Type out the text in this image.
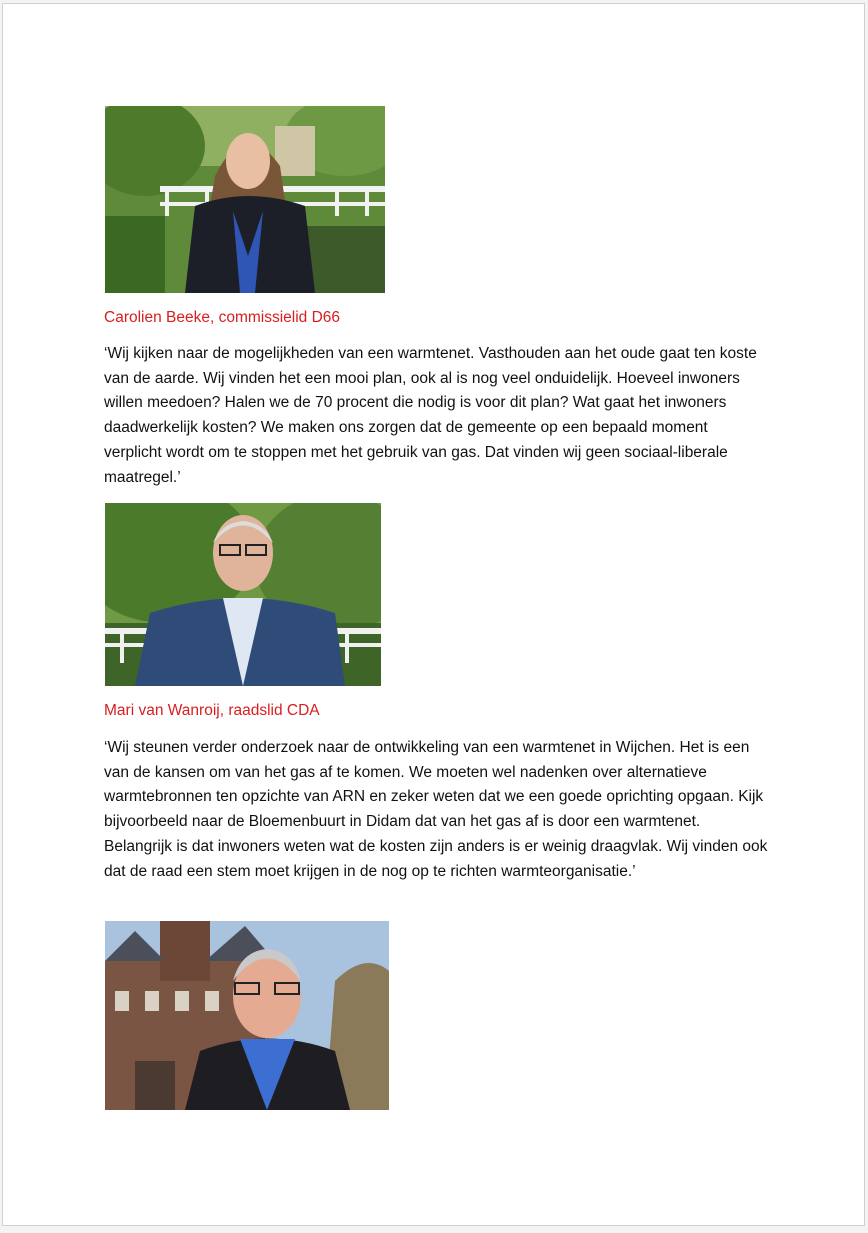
Carolien Beeke, commissielid D66
‘Wij kijken naar de mogelijkheden van een warmtenet. Vasthouden aan het oude gaat ten koste van de aarde. Wij vinden het een mooi plan, ook al is nog veel onduidelijk. Hoeveel inwoners willen meedoen? Halen we de 70 procent die nodig is voor dit plan? Wat gaat het inwoners daadwerkelijk kosten? We maken ons zorgen dat de gemeente op een bepaald moment verplicht wordt om te stoppen met het gebruik van gas. Dat vinden wij geen sociaal-liberale maatregel.’
Mari van Wanroij, raadslid CDA
‘Wij steunen verder onderzoek naar de ontwikkeling van een warmtenet in Wijchen. Het is een van de kansen om van het gas af te komen. We moeten wel nadenken over alternatieve warmtebronnen ten opzichte van ARN en zeker weten dat we een goede oprichting opgaan. Kijk bijvoorbeeld naar de Bloemenbuurt in Didam dat van het gas af is door een warmtenet. Belangrijk is dat inwoners weten wat de kosten zijn anders is er weinig draagvlak. Wij vinden ook dat de raad een stem moet krijgen in de nog op te richten warmteorganisatie.’
